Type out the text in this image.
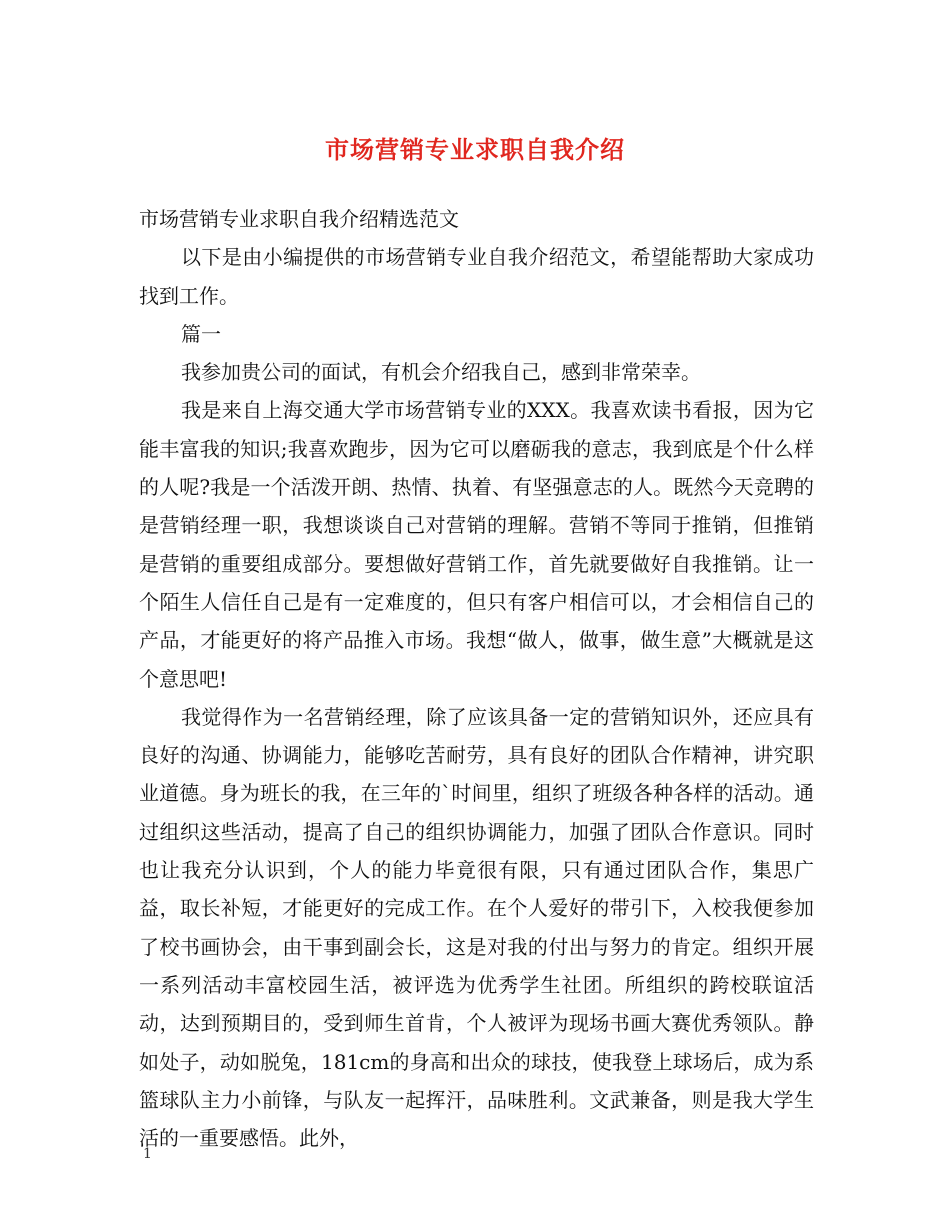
市场营销专业求职自我介绍

市场营销专业求职自我介绍精选范文

以下是由小编提供的市场营销专业自我介绍范文，希望能帮助大家成功找到工作。

篇一

我参加贵公司的面试，有机会介绍我自己，感到非常荣幸。

我是来自上海交通大学市场营销专业的XXX。我喜欢读书看报，因为它能丰富我的知识;我喜欢跑步，因为它可以磨砺我的意志，我到底是个什么样的人呢?我是一个活泼开朗、热情、执着、有坚强意志的人。既然今天竞聘的是营销经理一职，我想谈谈自己对营销的理解。营销不等同于推销，但推销是营销的重要组成部分。要想做好营销工作，首先就要做好自我推销。让一个陌生人信任自己是有一定难度的，但只有客户相信可以，才会相信自己的产品，才能更好的将产品推入市场。我想“做人，做事，做生意”大概就是这个意思吧!

我觉得作为一名营销经理，除了应该具备一定的营销知识外，还应具有良好的沟通、协调能力，能够吃苦耐劳，具有良好的团队合作精神，讲究职业道德。身为班长的我，在三年的`时间里，组织了班级各种各样的活动。通过组织这些活动，提高了自己的组织协调能力，加强了团队合作意识。同时也让我充分认识到，个人的能力毕竟很有限，只有通过团队合作，集思广益，取长补短，才能更好的完成工作。在个人爱好的带引下，入校我便参加了校书画协会，由干事到副会长，这是对我的付出与努力的肯定。组织开展一系列活动丰富校园生活，被评选为优秀学生社团。所组织的跨校联谊活动，达到预期目的，受到师生首肯，个人被评为现场书画大赛优秀领队。静如处子，动如脱兔，181cm的身高和出众的球技，使我登上球场后，成为系篮球队主力小前锋，与队友一起挥汗，品味胜利。文武兼备，则是我大学生活的一重要感悟。此外，

1
